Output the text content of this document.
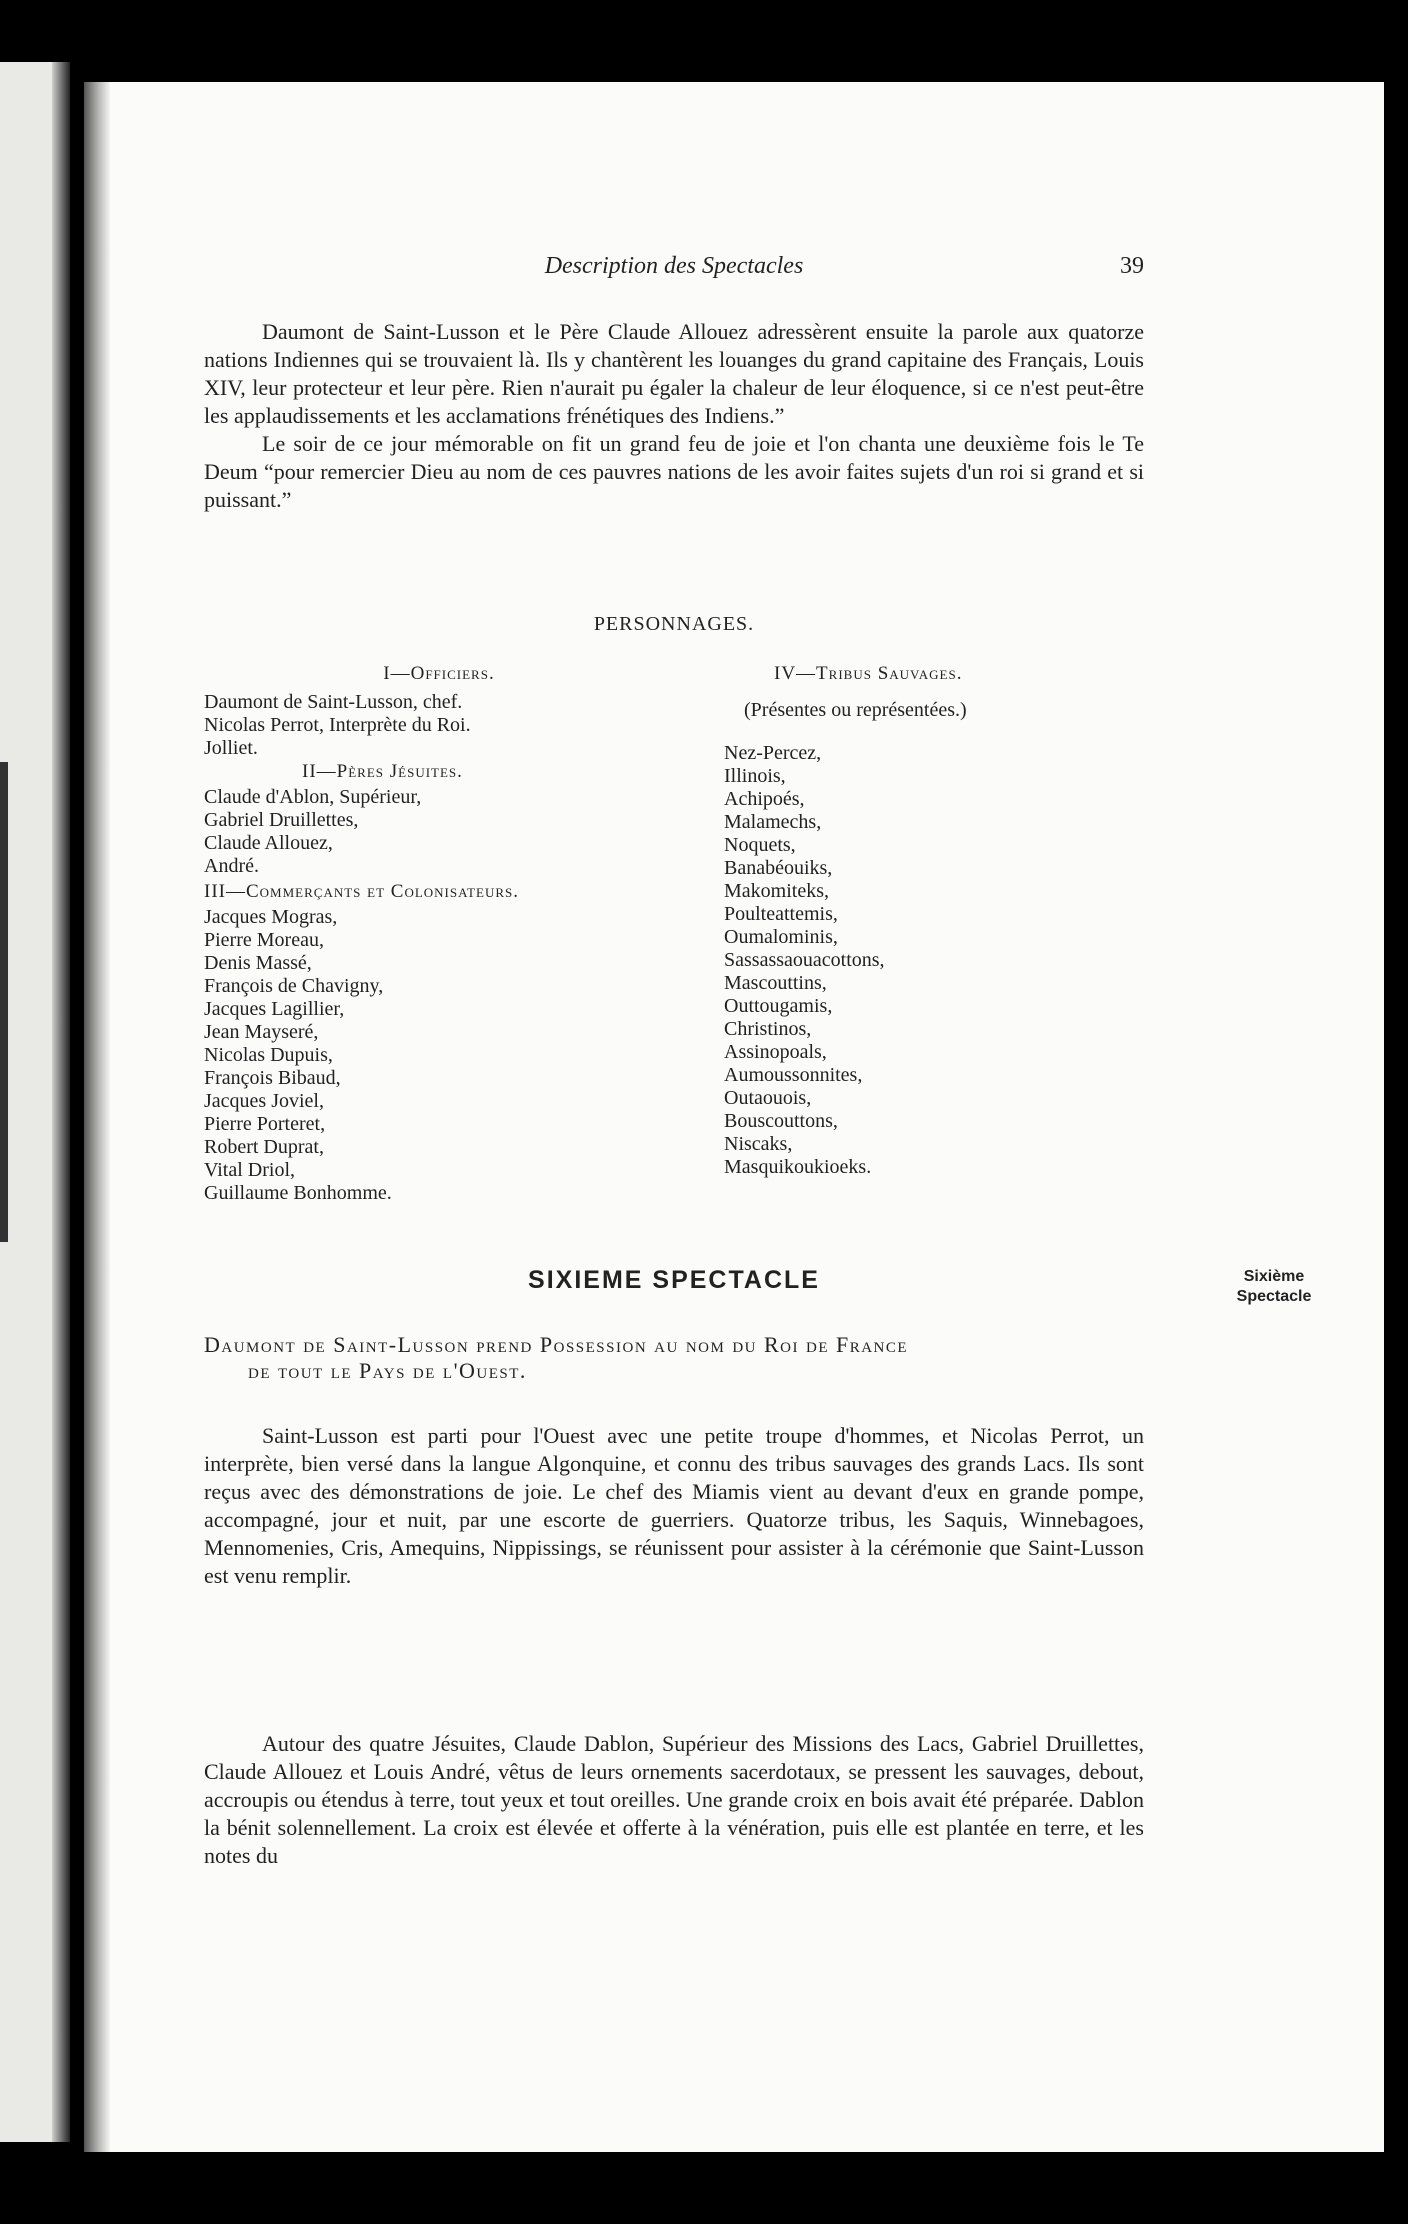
Description des Spectacles	39

Daumont de Saint-Lusson et le Père Claude Allouez adressèrent ensuite la parole aux quatorze nations Indiennes qui se trouvaient là. Ils y chantèrent les louanges du grand capitaine des Français, Louis XIV, leur protecteur et leur père. Rien n'aurait pu égaler la chaleur de leur éloquence, si ce n'est peut-être les applaudissements et les acclamations frénétiques des Indiens.”

Le soir de ce jour mémorable on fit un grand feu de joie et l'on chanta une deuxième fois le Te Deum “pour remercier Dieu au nom de ces pauvres nations de les avoir faites sujets d'un roi si grand et si puissant.”

PERSONNAGES.

I—Officiers.

Daumont de Saint-Lusson, chef.
Nicolas Perrot, Interprète du Roi.
Jolliet.

II—Pères Jésuites.

Claude d'Ablon, Supérieur,
Gabriel Druillettes,
Claude Allouez,
André.

III—Commerçants et Colonisateurs.

Jacques Mogras,
Pierre Moreau,
Denis Massé,
François de Chavigny,
Jacques Lagillier,
Jean Mayseré,
Nicolas Dupuis,
François Bibaud,
Jacques Joviel,
Pierre Porteret,
Robert Duprat,
Vital Driol,
Guillaume Bonhomme.

IV—Tribus Sauvages.

(Présentes ou représentées.)

Nez-Percez,
Illinois,
Achipoés,
Malamechs,
Noquets,
Banabéouiks,
Makomiteks,
Poulteattemis,
Oumalominis,
Sassassaouacottons,
Mascouttins,
Outtougamis,
Christinos,
Assinopoals,
Aumoussonnites,
Outaouois,
Bouscouttons,
Niscaks,
Masquikoukioeks.
SIXIEME SPECTACLE
Daumont de Saint-Lusson prend Possession au nom du Roi de France
de tout le Pays de l'Ouest.

Saint-Lusson est parti pour l'Ouest avec une petite troupe d'hommes, et Nicolas Perrot, un interprète, bien versé dans la langue Algonquine, et connu des tribus sauvages des grands Lacs. Ils sont reçus avec des démonstrations de joie. Le chef des Miamis vient au devant d'eux en grande pompe, accompagné, jour et nuit, par une escorte de guerriers. Quatorze tribus, les Saquis, Winnebagoes, Mennomenies, Cris, Amequins, Nippissings, se réunissent pour assister à la cérémonie que Saint-Lusson est venu remplir.

Autour des quatre Jésuites, Claude Dablon, Supérieur des Missions des Lacs, Gabriel Druillettes, Claude Allouez et Louis André, vêtus de leurs ornements sacerdotaux, se pressent les sauvages, debout, accroupis ou étendus à terre, tout yeux et tout oreilles. Une grande croix en bois avait été préparée. Dablon la bénit solennellement. La croix est élevée et offerte à la vénération, puis elle est plantée en terre, et les notes du

Sixième
Spectacle
